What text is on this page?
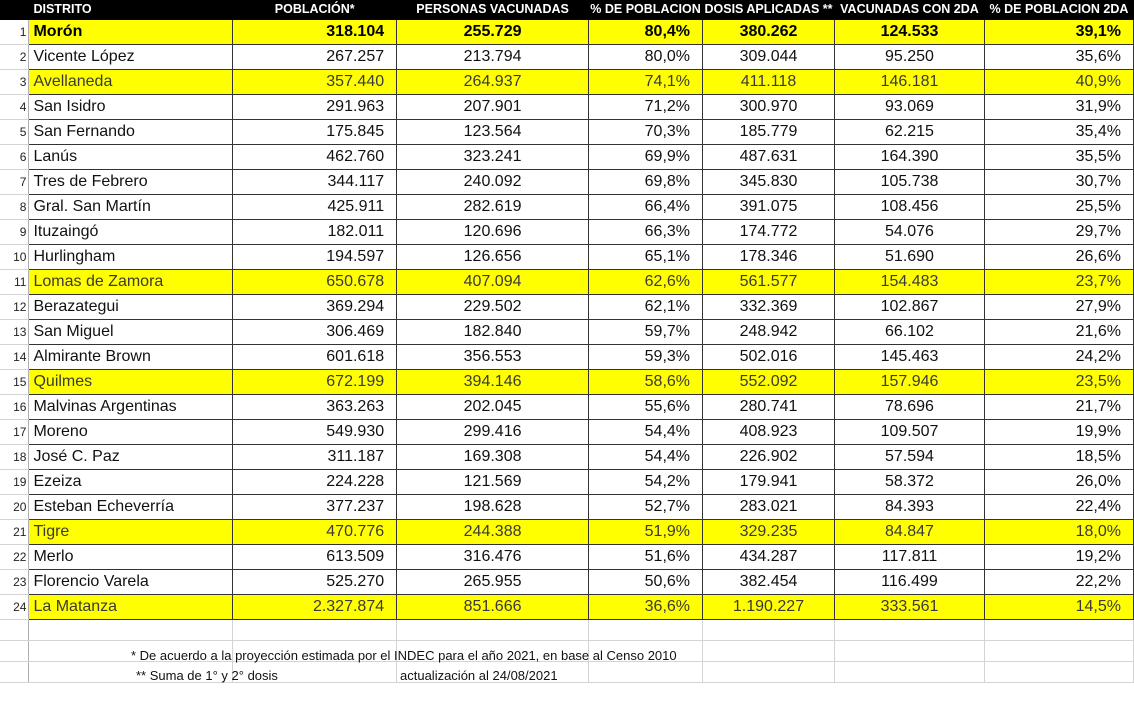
	DISTRITO	POBLACIÓN*	PERSONAS VACUNADAS	% DE POBLACION	DOSIS APLICADAS **	VACUNADAS CON 2DA	% DE POBLACION 2DA
1	Morón	318.104	255.729	80,4%	380.262	124.533	39,1%
2	Vicente López	267.257	213.794	80,0%	309.044	95.250	35,6%
3	Avellaneda	357.440	264.937	74,1%	411.118	146.181	40,9%
4	San Isidro	291.963	207.901	71,2%	300.970	93.069	31,9%
5	San Fernando	175.845	123.564	70,3%	185.779	62.215	35,4%
6	Lanús	462.760	323.241	69,9%	487.631	164.390	35,5%
7	Tres de Febrero	344.117	240.092	69,8%	345.830	105.738	30,7%
8	Gral. San Martín	425.911	282.619	66,4%	391.075	108.456	25,5%
9	Ituzaingó	182.011	120.696	66,3%	174.772	54.076	29,7%
10	Hurlingham	194.597	126.656	65,1%	178.346	51.690	26,6%
11	Lomas de Zamora	650.678	407.094	62,6%	561.577	154.483	23,7%
12	Berazategui	369.294	229.502	62,1%	332.369	102.867	27,9%
13	San Miguel	306.469	182.840	59,7%	248.942	66.102	21,6%
14	Almirante Brown	601.618	356.553	59,3%	502.016	145.463	24,2%
15	Quilmes	672.199	394.146	58,6%	552.092	157.946	23,5%
16	Malvinas Argentinas	363.263	202.045	55,6%	280.741	78.696	21,7%
17	Moreno	549.930	299.416	54,4%	408.923	109.507	19,9%
18	José C. Paz	311.187	169.308	54,4%	226.902	57.594	18,5%
19	Ezeiza	224.228	121.569	54,2%	179.941	58.372	26,0%
20	Esteban Echeverría	377.237	198.628	52,7%	283.021	84.393	22,4%
21	Tigre	470.776	244.388	51,9%	329.235	84.847	18,0%
22	Merlo	613.509	316.476	51,6%	434.287	117.811	19,2%
23	Florencio Varela	525.270	265.955	50,6%	382.454	116.499	22,2%
24	La Matanza	2.327.874	851.666	36,6%	1.190.227	333.561	14,5%

* De acuerdo a la proyección estimada por el INDEC para el año 2021, en base al Censo 2010
** Suma de 1° y 2° dosis	actualización al 24/08/2021
